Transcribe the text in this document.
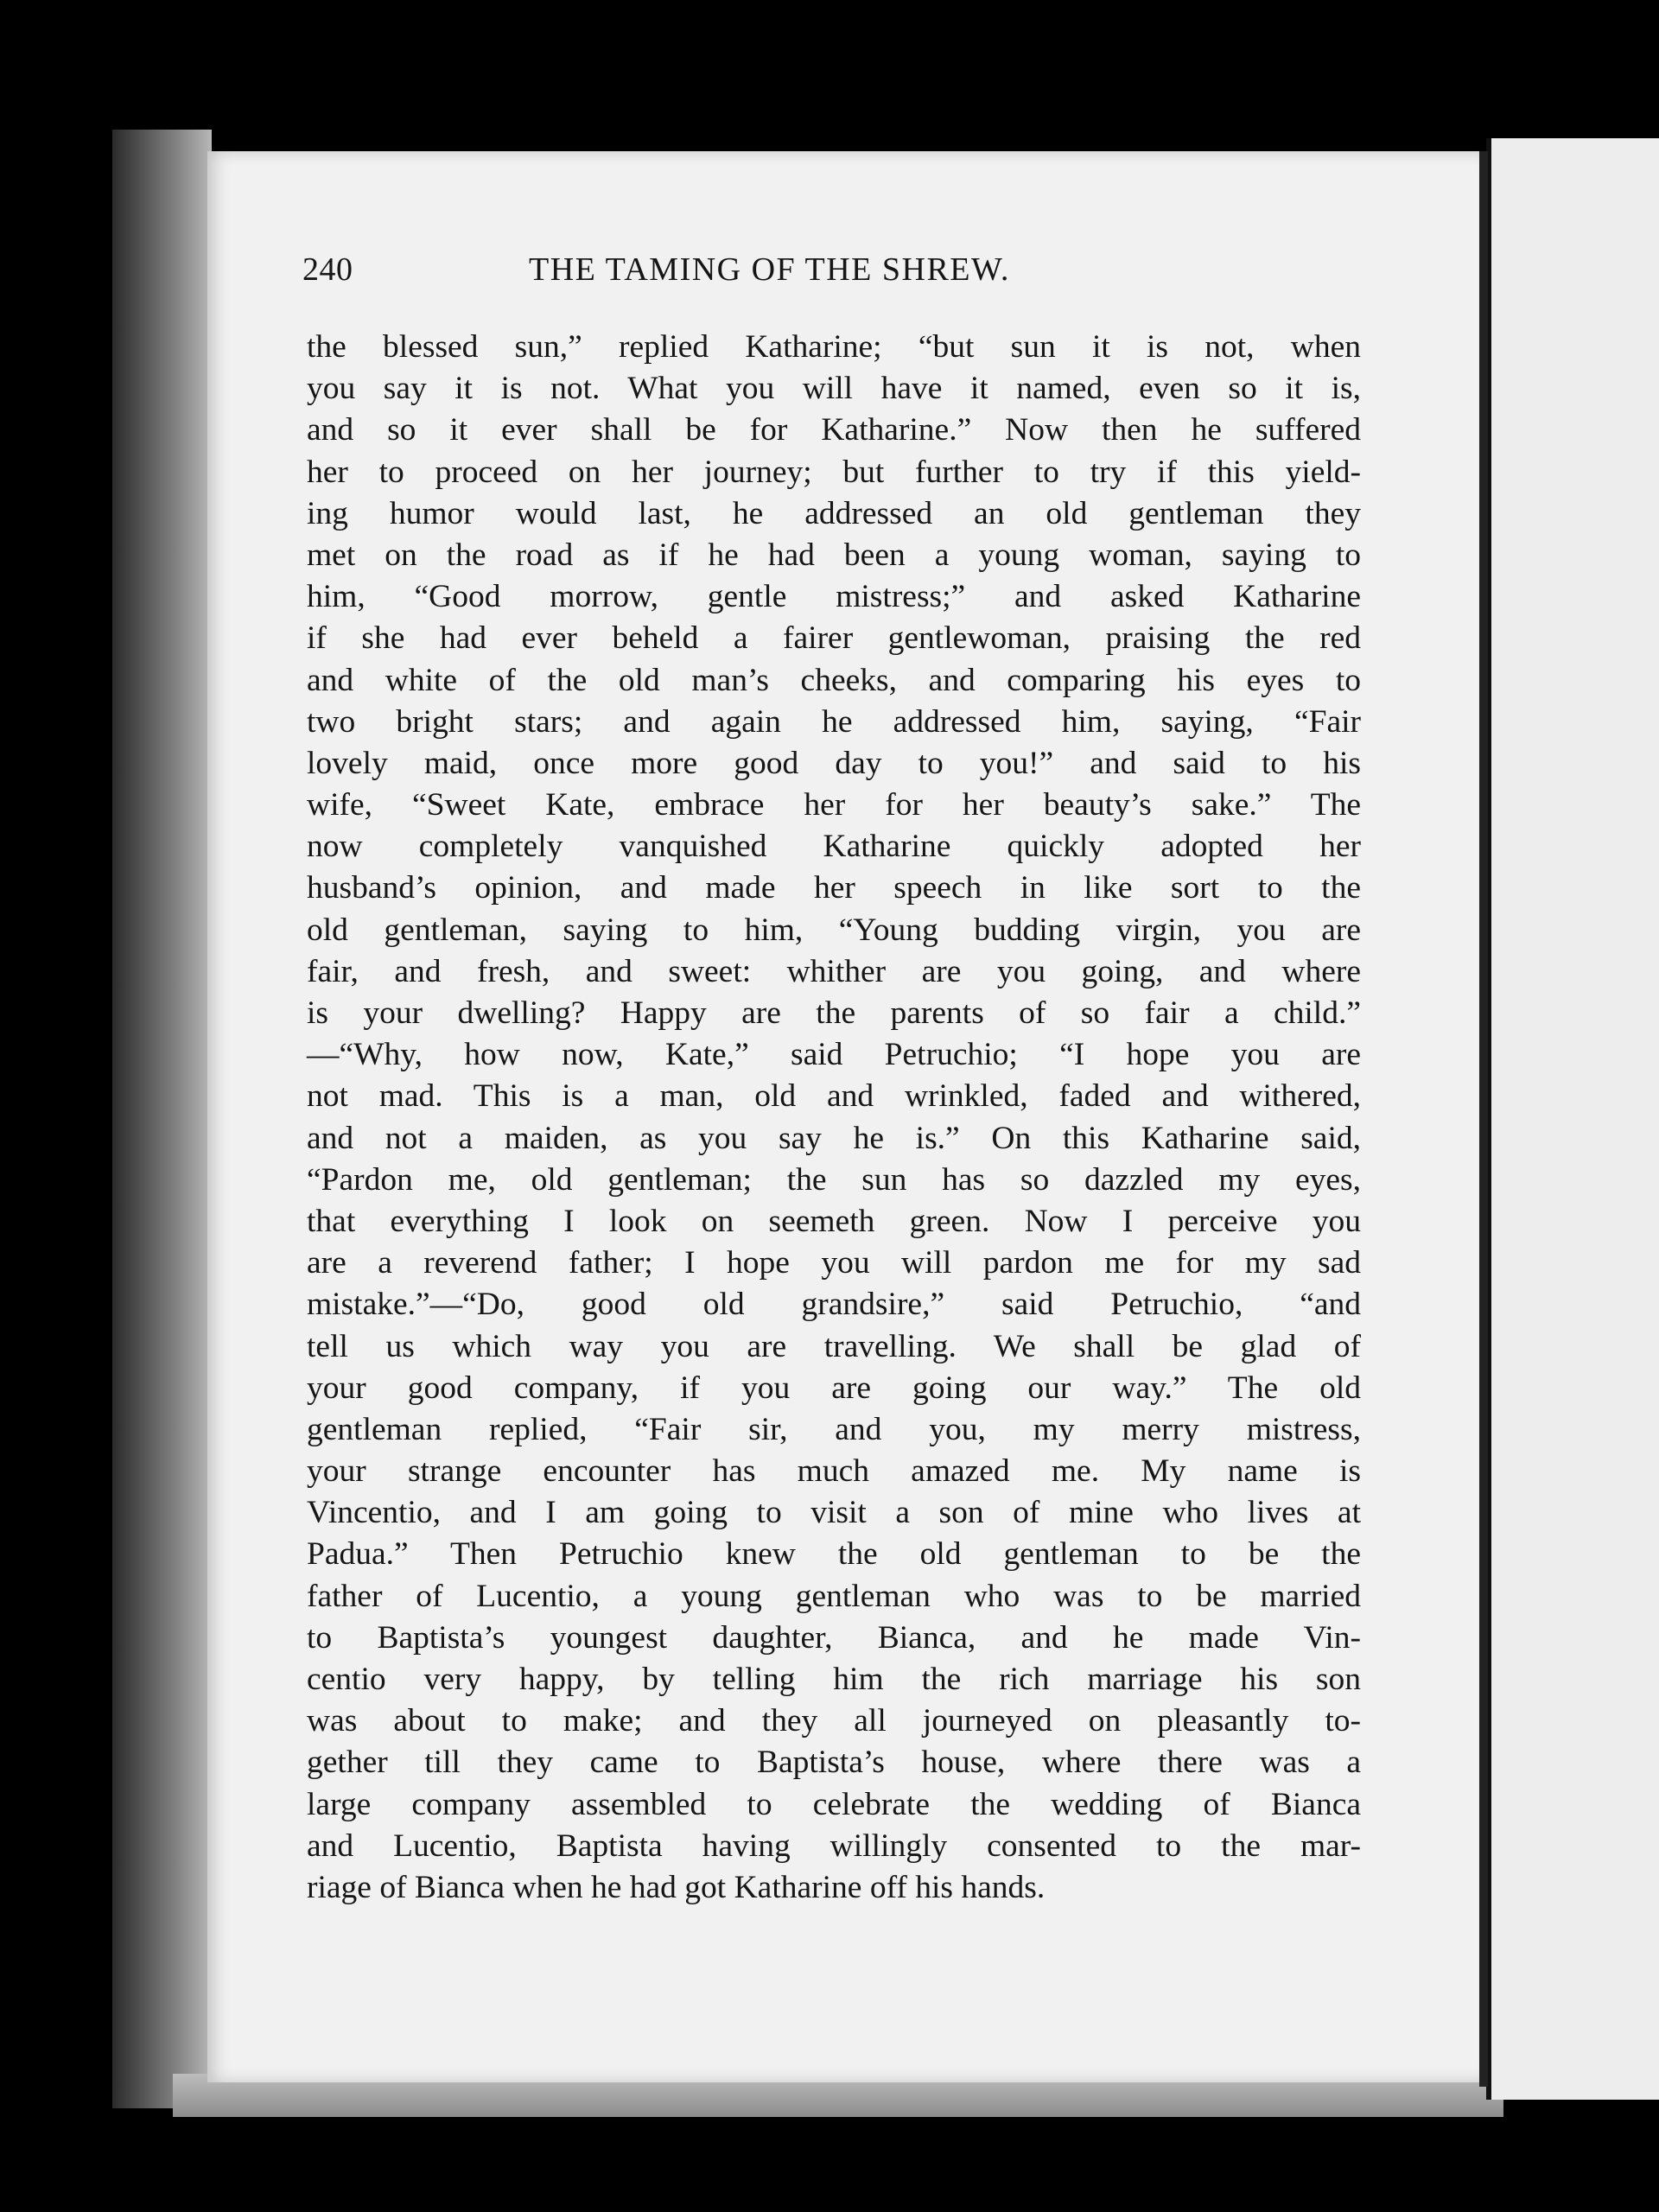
240	THE TAMING OF THE SHREW.
the blessed sun,” replied Katharine; “but sun it is not, when
you say it is not. What you will have it named, even so it is,
and so it ever shall be for Katharine.” Now then he suffered
her to proceed on her journey; but further to try if this yield-
ing humor would last, he addressed an old gentleman they
met on the road as if he had been a young woman, saying to
him, “Good morrow, gentle mistress;” and asked Katharine
if she had ever beheld a fairer gentlewoman, praising the red
and white of the old man’s cheeks, and comparing his eyes to
two bright stars; and again he addressed him, saying, “Fair
lovely maid, once more good day to you!” and said to his
wife, “Sweet Kate, embrace her for her beauty’s sake.” The
now completely vanquished Katharine quickly adopted her
husband’s opinion, and made her speech in like sort to the
old gentleman, saying to him, “Young budding virgin, you are
fair, and fresh, and sweet: whither are you going, and where
is your dwelling? Happy are the parents of so fair a child.”
—“Why, how now, Kate,” said Petruchio; “I hope you are
not mad. This is a man, old and wrinkled, faded and withered,
and not a maiden, as you say he is.” On this Katharine said,
“Pardon me, old gentleman; the sun has so dazzled my eyes,
that everything I look on seemeth green. Now I perceive you
are a reverend father; I hope you will pardon me for my sad
mistake.”—“Do, good old grandsire,” said Petruchio, “and
tell us which way you are travelling. We shall be glad of
your good company, if you are going our way.” The old
gentleman replied, “Fair sir, and you, my merry mistress,
your strange encounter has much amazed me. My name is
Vincentio, and I am going to visit a son of mine who lives at
Padua.” Then Petruchio knew the old gentleman to be the
father of Lucentio, a young gentleman who was to be married
to Baptista’s youngest daughter, Bianca, and he made Vin-
centio very happy, by telling him the rich marriage his son
was about to make; and they all journeyed on pleasantly to-
gether till they came to Baptista’s house, where there was a
large company assembled to celebrate the wedding of Bianca
and Lucentio, Baptista having willingly consented to the mar-
riage of Bianca when he had got Katharine off his hands.
